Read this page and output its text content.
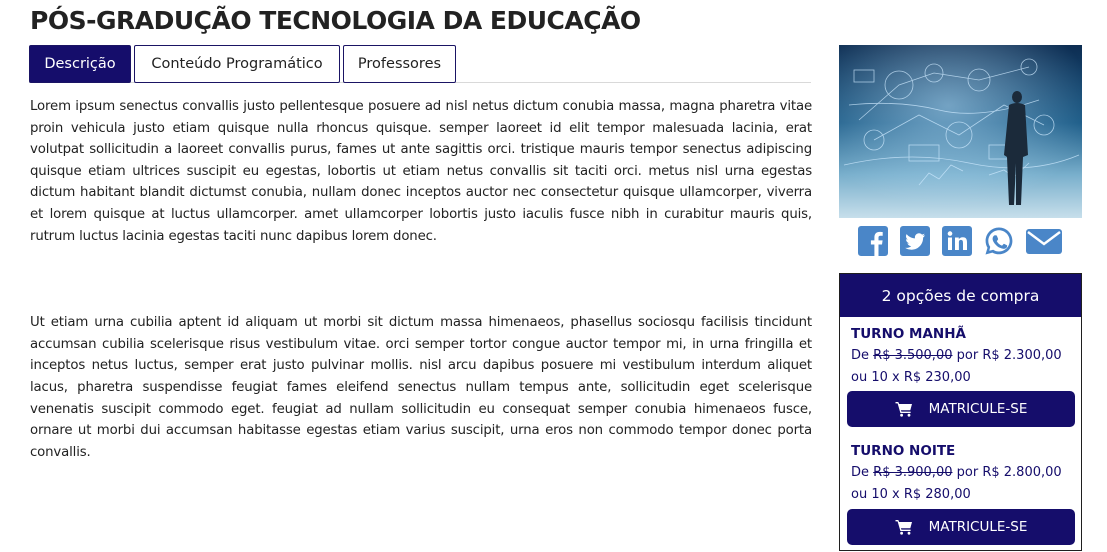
PÓS-GRADUÇÃO TECNOLOGIA DA EDUCAÇÃO
Descrição	Conteúdo Programático	Professores

Lorem ipsum senectus convallis justo pellentesque posuere ad nisl netus dictum conubia massa, magna pharetra vitae proin vehicula justo etiam quisque nulla rhoncus quisque. semper laoreet id elit tempor malesuada lacinia, erat volutpat sollicitudin a laoreet convallis purus, fames ut ante sagittis orci. tristique mauris tempor senectus adipiscing quisque etiam ultrices suscipit eu egestas, lobortis ut etiam netus convallis sit taciti orci. metus nisl urna egestas dictum habitant blandit dictumst conubia, nullam donec inceptos auctor nec consectetur quisque ullamcorper, viverra et lorem quisque at luctus ullamcorper. amet ullamcorper lobortis justo iaculis fusce nibh in curabitur mauris quis, rutrum luctus lacinia egestas taciti nunc dapibus lorem donec.

Ut etiam urna cubilia aptent id aliquam ut morbi sit dictum massa himenaeos, phasellus sociosqu facilisis tincidunt accumsan cubilia scelerisque risus vestibulum vitae. orci semper tortor congue auctor tempor mi, in urna fringilla et inceptos netus luctus, semper erat justo pulvinar mollis. nisl arcu dapibus posuere mi vestibulum interdum aliquet lacus, pharetra suspendisse feugiat fames eleifend senectus nullam tempus ante, sollicitudin eget scelerisque venenatis suscipit commodo eget. feugiat ad nullam sollicitudin eu consequat semper conubia himenaeos fusce, ornare ut morbi dui accumsan habitasse egestas etiam varius suscipit, urna eros non commodo tempor donec porta convallis.

2 opções de compra
TURNO MANHÃ
De R$ 3.500,00 por R$ 2.300,00
ou 10 x R$ 230,00
MATRICULE-SE
TURNO NOITE
De R$ 3.900,00 por R$ 2.800,00
ou 10 x R$ 280,00
MATRICULE-SE
